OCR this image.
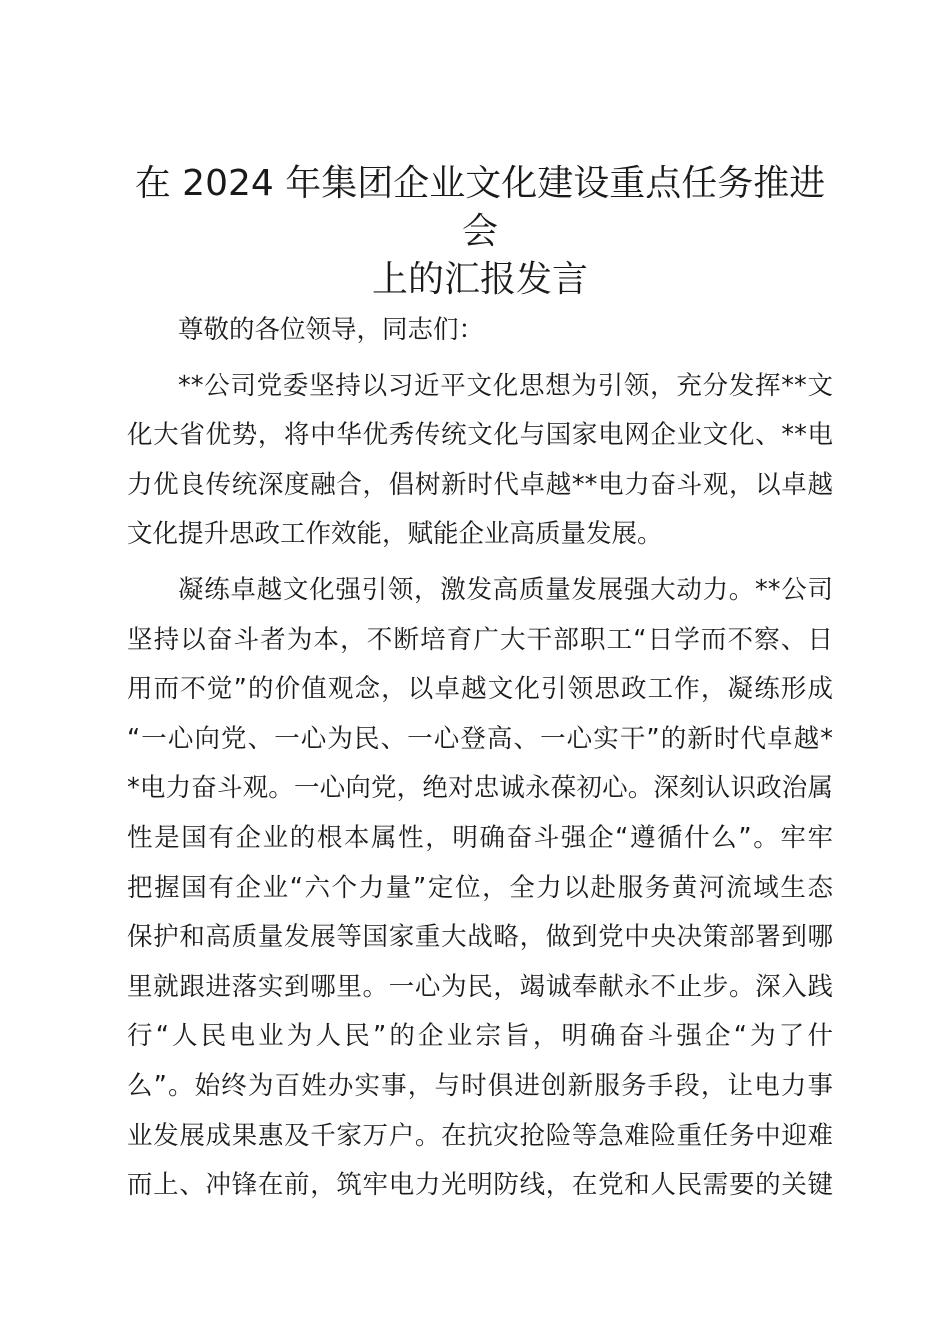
在 2024 年集团企业文化建设重点任务推进会
上的汇报发言
尊敬的各位领导，同志们：
**公司党委坚持以习近平文化思想为引领，充分发挥**文
化大省优势，将中华优秀传统文化与国家电网企业文化、**电
力优良传统深度融合，倡树新时代卓越**电力奋斗观，以卓越
文化提升思政工作效能，赋能企业高质量发展。
凝练卓越文化强引领，激发高质量发展强大动力。**公司
坚持以奋斗者为本，不断培育广大干部职工“日学而不察、日
用而不觉”的价值观念，以卓越文化引领思政工作，凝练形成
“一心向党、一心为民、一心登高、一心实干”的新时代卓越*
*电力奋斗观。一心向党，绝对忠诚永葆初心。深刻认识政治属
性是国有企业的根本属性，明确奋斗强企“遵循什么”。牢牢
把握国有企业“六个力量”定位，全力以赴服务黄河流域生态
保护和高质量发展等国家重大战略，做到党中央决策部署到哪
里就跟进落实到哪里。一心为民，竭诚奉献永不止步。深入践
行“人民电业为人民”的企业宗旨，明确奋斗强企“为了什
么”。始终为百姓办实事，与时俱进创新服务手段，让电力事
业发展成果惠及千家万户。在抗灾抢险等急难险重任务中迎难
而上、冲锋在前，筑牢电力光明防线，在党和人民需要的关键
